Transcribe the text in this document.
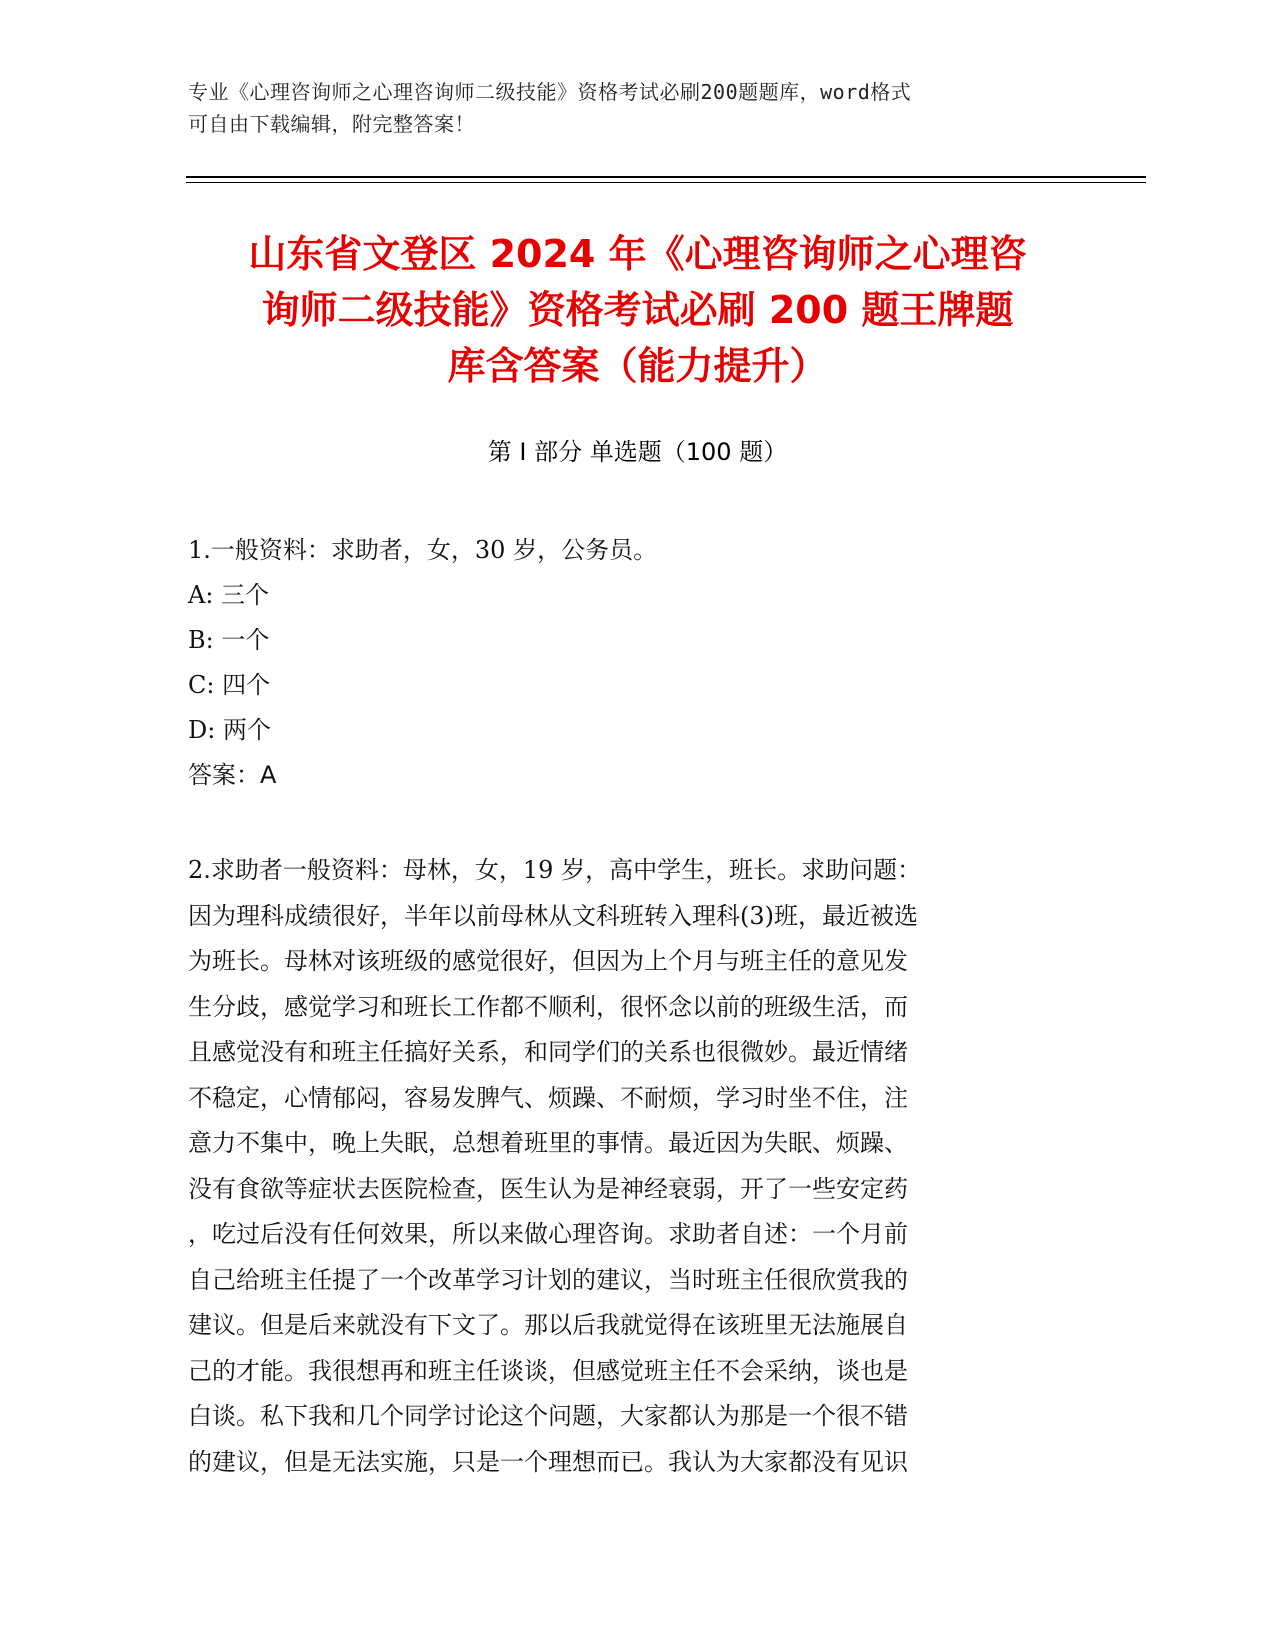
专业《心理咨询师之心理咨询师二级技能》资格考试必刷200题题库，word格式
可自由下载编辑，附完整答案！
山东省文登区 2024 年《心理咨询师之心理咨
询师二级技能》资格考试必刷 200 题王牌题
库含答案（能力提升）
第 I 部分 单选题（100 题）
1.一般资料：求助者，女，30 岁，公务员。
A: 三个
B: 一个
C: 四个
D: 两个
答案：A
2.求助者一般资料：母林，女，19 岁，高中学生，班长。求助问题：
因为理科成绩很好，半年以前母林从文科班转入理科(3)班，最近被选
为班长。母林对该班级的感觉很好，但因为上个月与班主任的意见发
生分歧，感觉学习和班长工作都不顺利，很怀念以前的班级生活，而
且感觉没有和班主任搞好关系，和同学们的关系也很微妙。最近情绪
不稳定，心情郁闷，容易发脾气、烦躁、不耐烦，学习时坐不住，注
意力不集中，晚上失眠，总想着班里的事情。最近因为失眠、烦躁、
没有食欲等症状去医院检查，医生认为是神经衰弱，开了一些安定药
，吃过后没有任何效果，所以来做心理咨询。求助者自述：一个月前
自己给班主任提了一个改革学习计划的建议，当时班主任很欣赏我的
建议。但是后来就没有下文了。那以后我就觉得在该班里无法施展自
己的才能。我很想再和班主任谈谈，但感觉班主任不会采纳，谈也是
白谈。私下我和几个同学讨论这个问题，大家都认为那是一个很不错
的建议，但是无法实施，只是一个理想而已。我认为大家都没有见识
